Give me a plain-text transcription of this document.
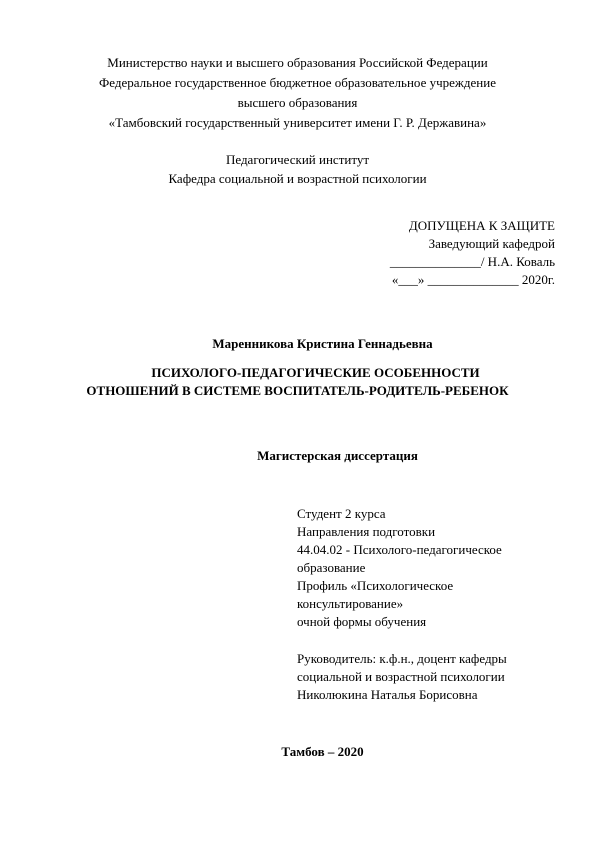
Министерство науки и высшего образования Российской Федерации
Федеральное государственное бюджетное образовательное учреждение
высшего образования
«Тамбовский государственный университет имени Г. Р. Державина»
Педагогический институт
Кафедра социальной и возрастной психологии
ДОПУЩЕНА К ЗАЩИТЕ
Заведующий кафедрой
______________/ Н.А. Коваль
«___» ______________ 2020г.
Маренникова Кристина Геннадьевна
ПСИХОЛОГО-ПЕДАГОГИЧЕСКИЕ ОСОБЕННОСТИ
ОТНОШЕНИЙ В СИСТЕМЕ ВОСПИТАТЕЛЬ-РОДИТЕЛЬ-РЕБЕНОК
Магистерская диссертация
Студент 2 курса
Направления подготовки
44.04.02 - Психолого-педагогическое
образование
Профиль «Психологическое
консультирование»
очной формы обучения
Руководитель: к.ф.н., доцент кафедры
социальной и возрастной психологии
Николюкина Наталья Борисовна
Тамбов – 2020
